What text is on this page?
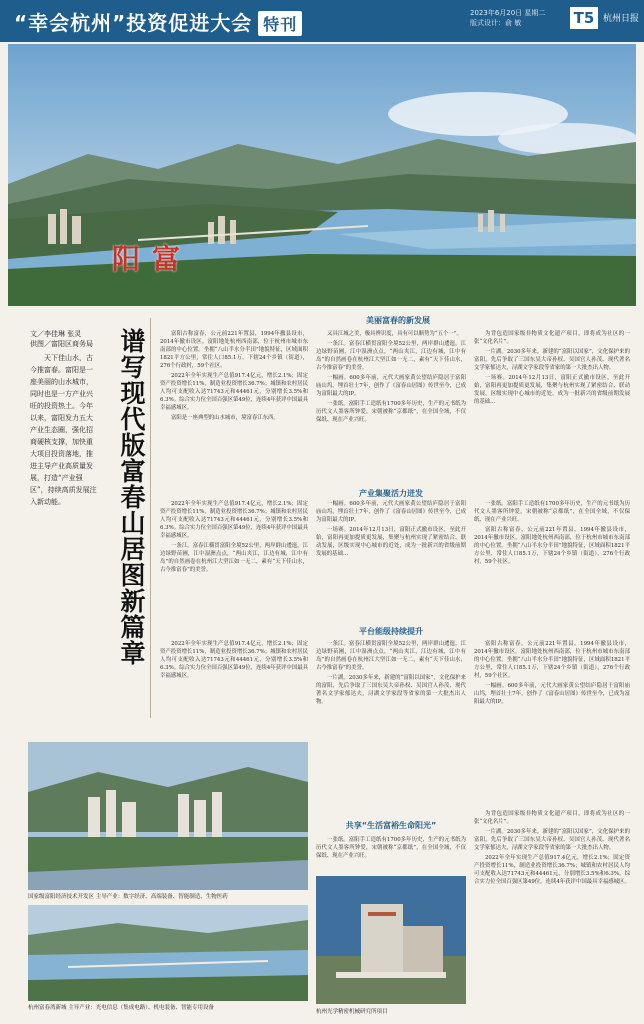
“幸会杭州”投资促进大会 特刊
2023年6月20日 星期二
版式设计：俞 敏	T5 杭州日报
富阳
文／李佳琳 张灵
供图／富阳区商务局
天下佳山水，古今推富春。富阳是一座美丽的山水城市，同时也是一方产业兴旺的投资热土。今年以来，富阳发力五大产业生态圈，强化招商硬核支撑，加快重大项目投资落地，推进主导产业高质量发展，打造“产业强区”，持续高质发展注入新动能。	谱写现代版富春山居图新篇章
美丽富春的新发展

富阳古称富春，公元前221年置县，1994年撤县设市，2014年撤市设区。富阳地处杭州西南部，位于杭州市城市东南部的中心位置。坐拥“八山半水分半田”地貌特征，区域面积1821平方公里，常住人口85.1万，下辖24个乡镇（街道），276个行政村，59个社区。

2022年全年实现生产总值917.4亿元，增长2.1%；固定资产投资增长11%，制造业投资增长36.7%；城镇和农村居民人均可支配收入达71743元和44461元，分别增长3.5%和6.3%。综合实力位全国百强区第49位，连续4年获评中国最具幸福感城区。

富阳是一座典型的山水城市，境富春江东西。

又具江城之美，极具辨识度，具有可以顺势为“五个一”。

一条江。富春江横贯富阳全境52公里，两岸群山逶迤，江边绿野苗圃，江中湿洲点点，“两山夹江，江边有城，江中有岛”的自然画卷在杭州江大坚江如一无二，素有“天下佳山水，古今推富春”的美誉。

一幅画。600多年前，元代大画家黄公望结庐隐居于富阳庙山坞，埋首壮士7年，创作了《富春山居图》传世至今，已成为富阳最大的IP。

一张纸。富阳手工造纸有1700多年历史，生产的元书纸为历代文人墨客所钟爱，宋朝被称“京都纸”，在全国全域，不仅保纸、现在产业兴旺。

为背包造国家级非物质文化遗产项目，即将成为社区的一张“文化名片”。

一片湖。2030多年来，新建的“富阳以国家”，文化保护来的富阳，先后争取了三国东吴大帝孙权、吴国官人孙茂、现代著名文学家郁达夫，浔湖文学家段等省家的第一大批杰出人物。

一场赛。2014年12月13日，富阳正式撤市设区，至此开始，富阳再更加提质更发展，集聚与杭州实现了紧密结合、联动发展，区级实现中心城市的近处，成为一批新兴的省级前期发展的基础...

产业集聚活力迸发

2022年全年实现生产总值917.4亿元，增长2.1%；固定资产投资增长11%，制造业投资增长36.7%；城镇和农村居民人均可支配收入达71743元和44461元，分别增长3.5%和6.3%。综合实力位全国百强区第49位，连续4年获评中国最具幸福感城区。

一条江。富春江横贯富阳全境52公里，两岸群山逶迤，江边绿野苗圃，江中湿洲点点，“两山夹江，江边有城，江中有岛”的自然画卷在杭州江大坚江如一无二，素有“天下佳山水，古今推富春”的美誉。

一幅画。600多年前，元代大画家黄公望结庐隐居于富阳庙山坞，埋首壮士7年，创作了《富春山居图》传世至今，已成为富阳最大的IP。

一场赛。2014年12月13日，富阳正式撤市设区，至此开始，富阳再更加提质更发展，集聚与杭州实现了紧密结合、联动发展，区级实现中心城市的近处，成为一批新兴的省级前期发展的基础...

一张纸。富阳手工造纸有1700多年历史，生产的元书纸为历代文人墨客所钟爱，宋朝被称“京都纸”，在全国全域，不仅保纸、现在产业兴旺。

富阳古称富春，公元前221年置县，1994年撤县设市，2014年撤市设区。富阳地处杭州西南部，位于杭州市城市东南部的中心位置。坐拥“八山半水分半田”地貌特征，区域面积1821平方公里，常住人口85.1万，下辖24个乡镇（街道），276个行政村，59个社区。

平台能级持续提升

2022年全年实现生产总值917.4亿元，增长2.1%；固定资产投资增长11%，制造业投资增长36.7%；城镇和农村居民人均可支配收入达71743元和44461元，分别增长3.5%和6.3%。综合实力位全国百强区第49位，连续4年获评中国最具幸福感城区。

一条江。富春江横贯富阳全境52公里，两岸群山逶迤，江边绿野苗圃，江中湿洲点点，“两山夹江，江边有城，江中有岛”的自然画卷在杭州江大坚江如一无二，素有“天下佳山水，古今推富春”的美誉。

一片湖。2030多年来，新建的“富阳以国家”，文化保护来的富阳，先后争取了三国东吴大帝孙权、吴国官人孙茂、现代著名文学家郁达夫，浔湖文学家段等省家的第一大批杰出人物。

富阳古称富春，公元前221年置县，1994年撤县设市，2014年撤市设区。富阳地处杭州西南部，位于杭州市城市东南部的中心位置。坐拥“八山半水分半田”地貌特征，区域面积1821平方公里，常住人口85.1万，下辖24个乡镇（街道），276个行政村，59个社区。

一幅画。600多年前，元代大画家黄公望结庐隐居于富阳庙山坞，埋首壮士7年，创作了《富春山居图》传世至今，已成为富阳最大的IP。

共享“生活富裕生命阳光”

一张纸。富阳手工造纸有1700多年历史，生产的元书纸为历代文人墨客所钟爱，宋朝被称“京都纸”，在全国全域，不仅保纸、现在产业兴旺。

为背包造国家级非物质文化遗产项目，即将成为社区的一张“文化名片”。

一片湖。2030多年来，新建的“富阳以国家”，文化保护来的富阳，先后争取了三国东吴大帝孙权、吴国官人孙茂、现代著名文学家郁达夫，浔湖文学家段等省家的第一大批杰出人物。

2022年全年实现生产总值917.4亿元，增长2.1%；固定资产投资增长11%，制造业投资增长36.7%；城镇和农村居民人均可支配收入达71743元和44461元，分别增长3.5%和6.3%。综合实力位全国百强区第49位，连续4年获评中国最具幸福感城区。

国家级富阳经济技术开发区 主导产业：数字经济、高端装备、智能制造、生物医药
杭州富春湾新城 主导产业：光电信息（集成电路）、机电装备、智能专用设备
杭州光学精密机械研究所项目
